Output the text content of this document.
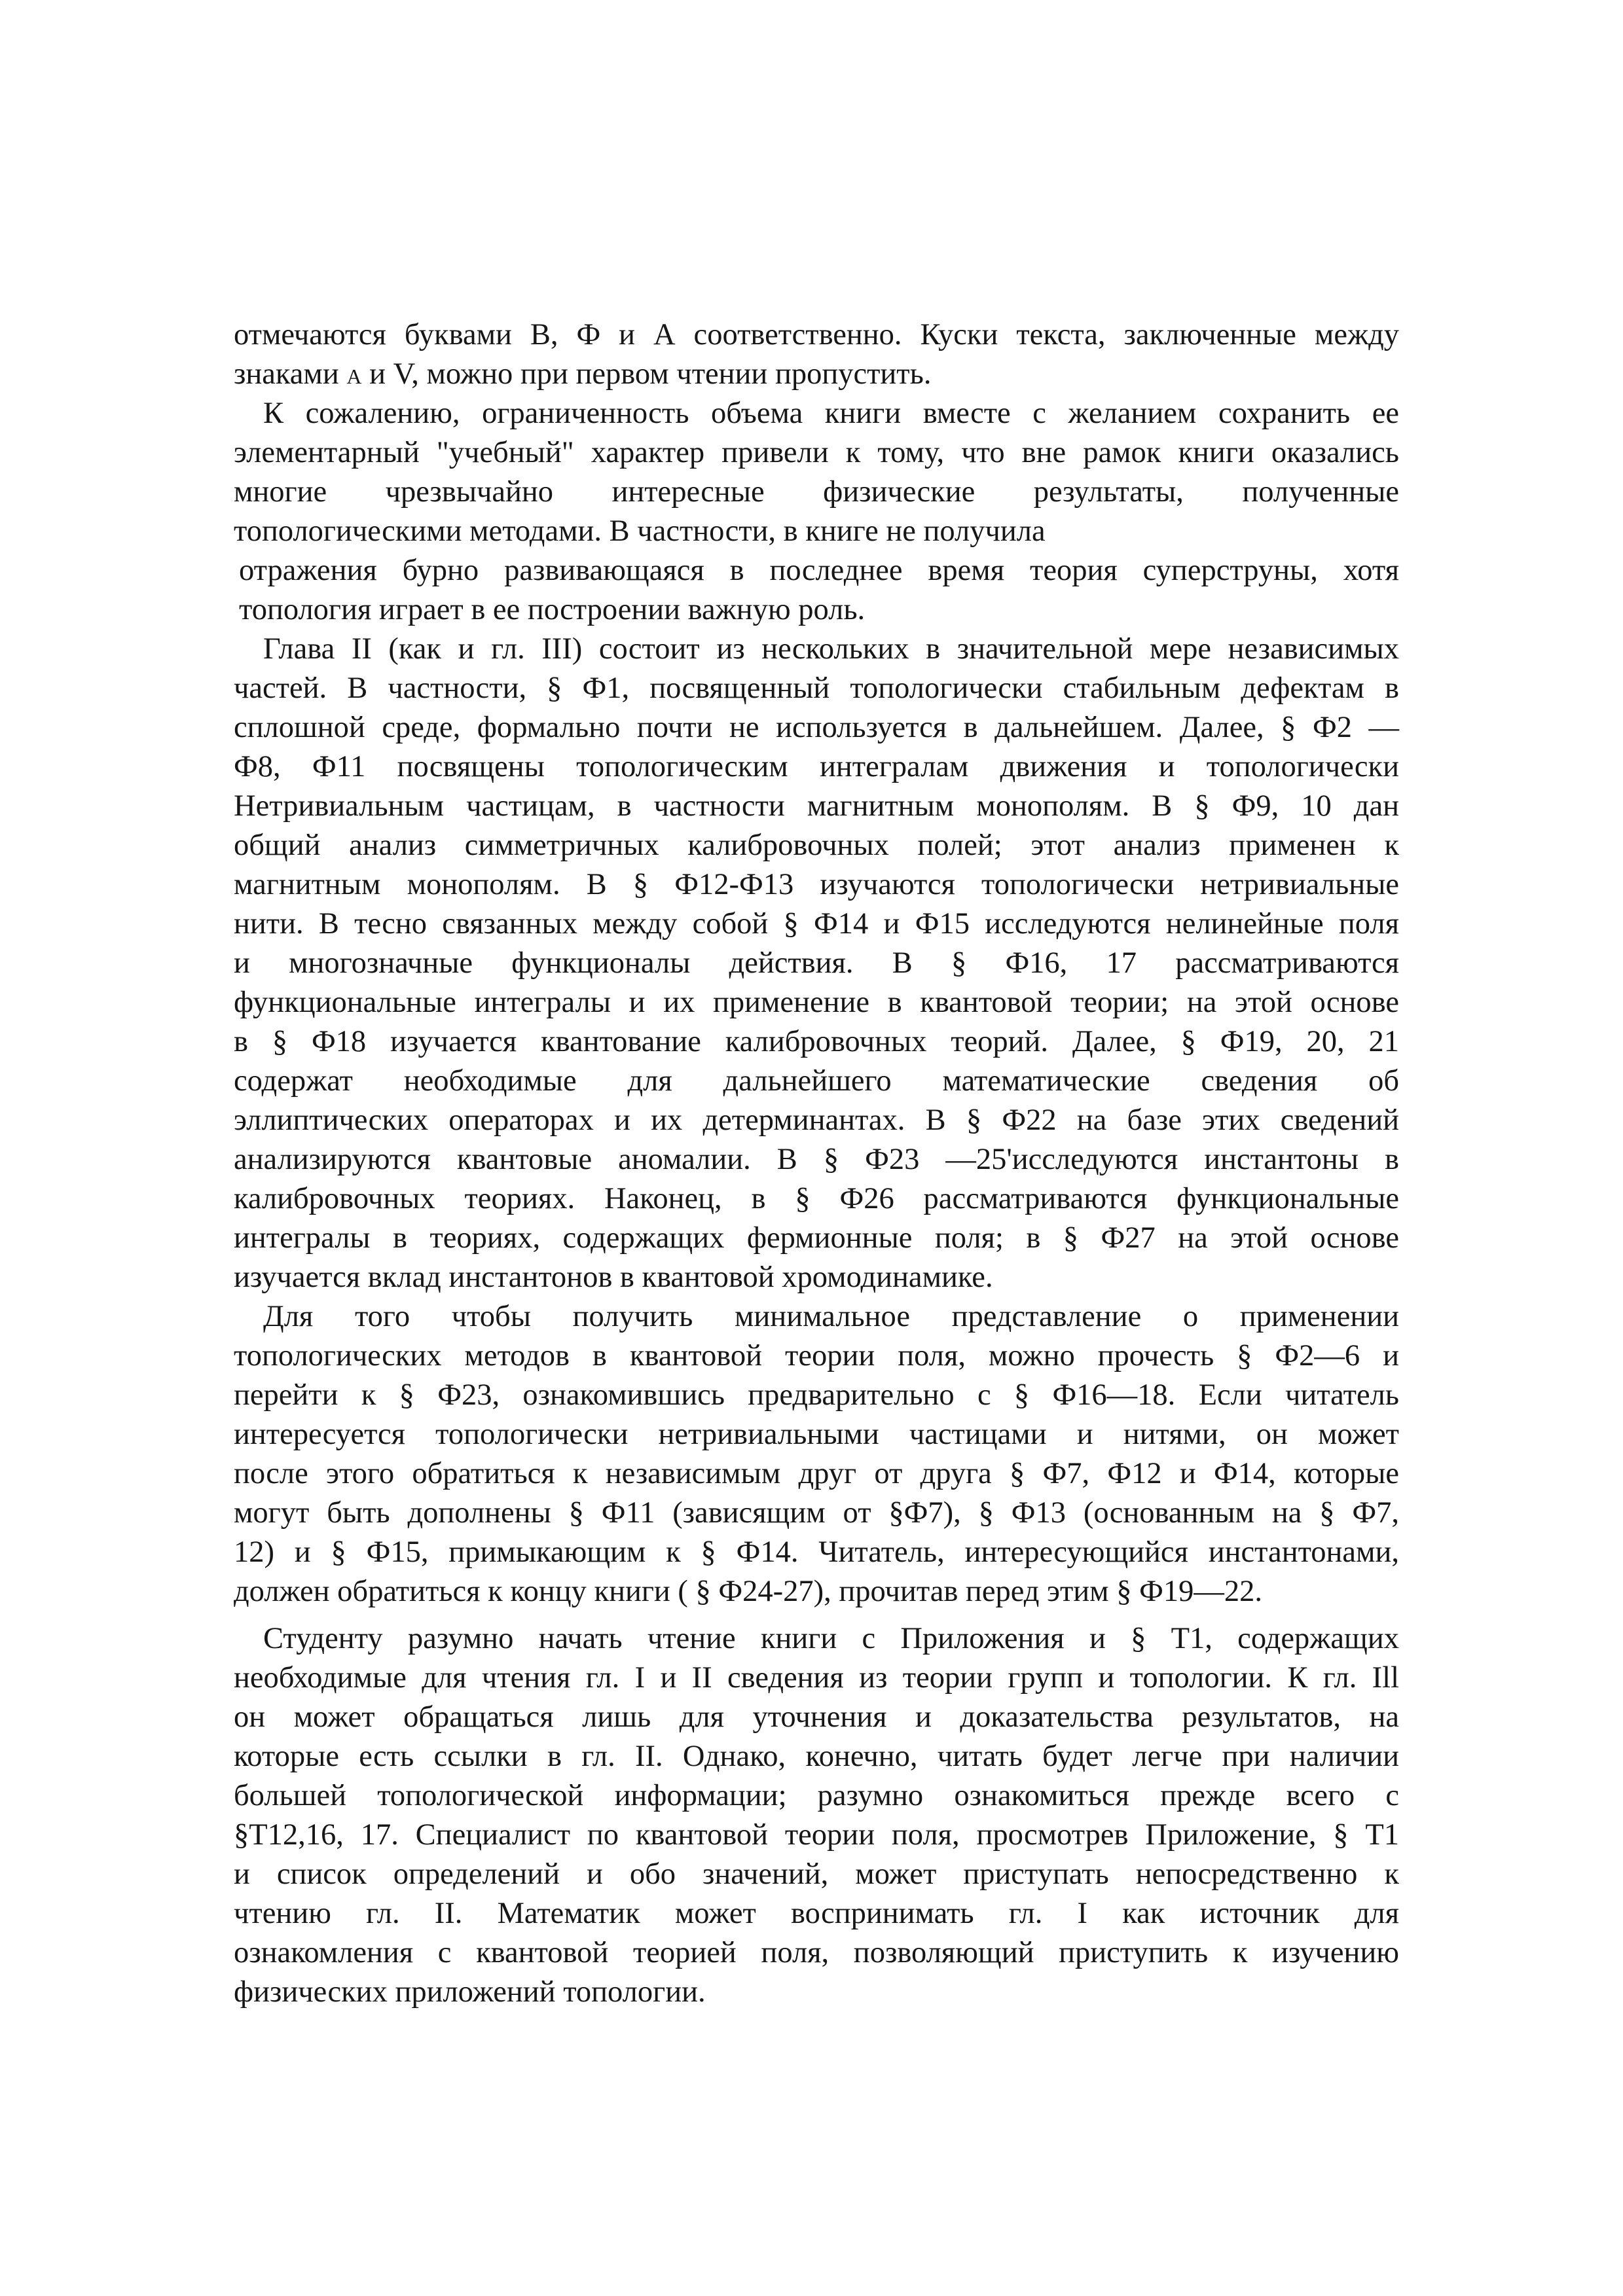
отмечаются буквами В, Ф и А соответственно. Куски текста, заключенные между
знаками A и V, можно при первом чтении пропустить.
К сожалению, ограниченность объема книги вместе с желанием сохранить ее
элементарный "учебный" характер привели к тому, что вне рамок книги оказались
многие чрезвычайно интересные физические результаты, полученные
топологическими методами. В частности, в книге не получила
отражения бурно развивающаяся в последнее время теория суперструны, хотя
топология играет в ее построении важную роль.
Глава II (как и гл. III) состоит из нескольких в значительной мере независимых
частей. В частности, § Ф1, посвященный топологически стабильным дефектам в
сплошной среде, формально почти не используется в дальнейшем. Далее, § Ф2 —
Ф8, Ф11 посвящены топологическим интегралам движения и топологически
Нетривиальным частицам, в частности магнитным монополям. В § Ф9, 10 дан
общий анализ симметричных калибровочных полей; этот анализ применен к
магнитным монополям. В § Ф12-Ф13 изучаются топологически нетривиальные
нити. В тесно связанных между собой § Ф14 и Ф15 исследуются нелинейные поля
и многозначные функционалы действия. В § Ф16, 17 рассматриваются
функциональные интегралы и их применение в квантовой теории; на этой основе
в § Ф18 изучается квантование калибровочных теорий. Далее, § Ф19, 20, 21
содержат необходимые для дальнейшего математические сведения об
эллиптических операторах и их детерминантах. В § Ф22 на базе этих сведений
анализируются квантовые аномалии. В § Ф23 —25'исследуются инстантоны в
калибровочных теориях. Наконец, в § Ф26 рассматриваются функциональные
интегралы в теориях, содержащих фермионные поля; в § Ф27 на этой основе
изучается вклад инстантонов в квантовой хромодинамике.
Для того чтобы получить минимальное представление о применении
топологических методов в квантовой теории поля, можно прочесть § Ф2—6 и
перейти к § Ф23, ознакомившись предварительно с § Ф16—18. Если читатель
интересуется топологически нетривиальными частицами и нитями, он может
после этого обратиться к независимым друг от друга § Ф7, Ф12 и Ф14, которые
могут быть дополнены § Ф11 (зависящим от §Ф7), § Ф13 (основанным на § Ф7,
12) и § Ф15, примыкающим к § Ф14. Читатель, интересующийся инстантонами,
должен обратиться к концу книги ( § Ф24-27), прочитав перед этим § Ф19—22.
Студенту разумно начать чтение книги с Приложения и § Т1, содержащих
необходимые для чтения гл. I и II сведения из теории групп и топологии. К гл. Ill
он может обращаться лишь для уточнения и доказательства результатов, на
которые есть ссылки в гл. II. Однако, конечно, читать будет легче при наличии
большей топологической информации; разумно ознакомиться прежде всего с
§Т12,16, 17. Специалист по квантовой теории поля, просмотрев Приложение, § Т1
и список определений и обо значений, может приступать непосредственно к
чтению гл. II. Математик может воспринимать гл. I как источник для
ознакомления с квантовой теорией поля, позволяющий приступить к изучению
физических приложений топологии.
